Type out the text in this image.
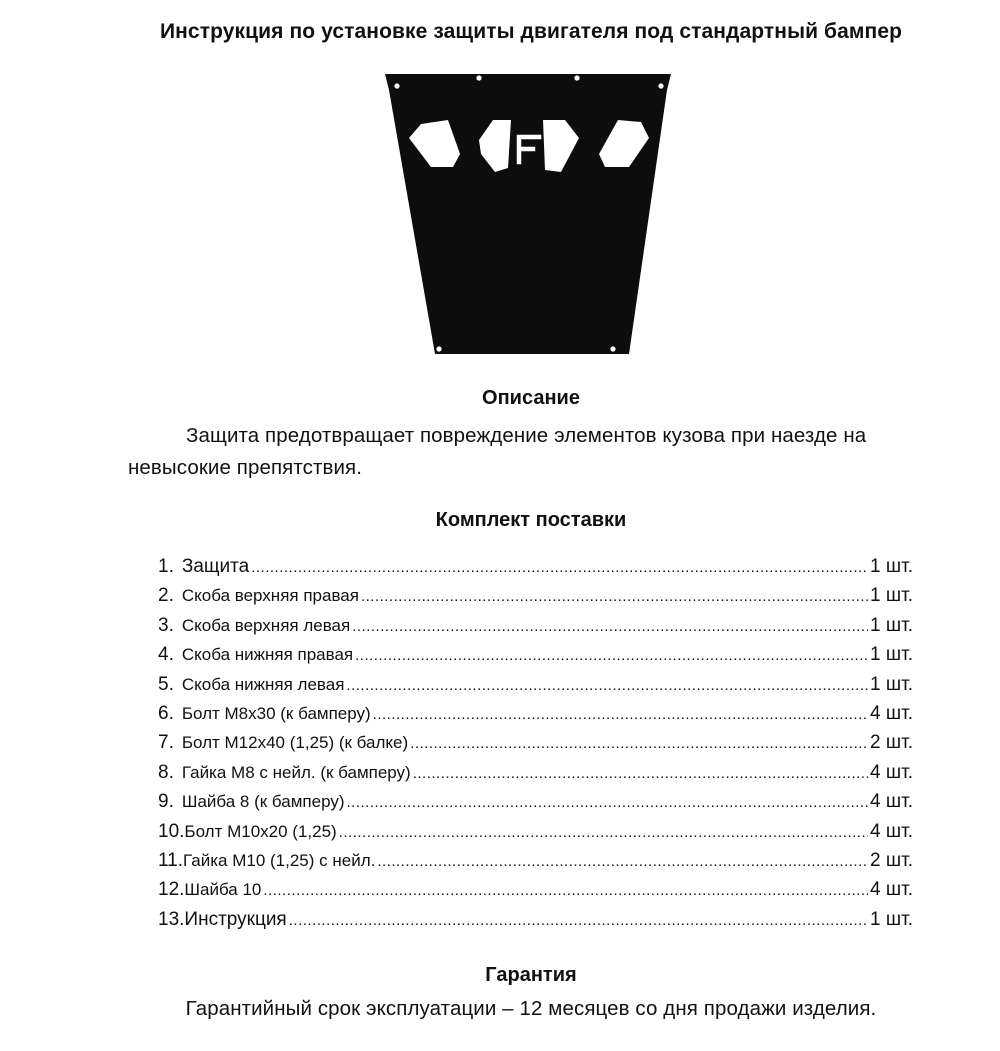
Инструкция по установке защиты двигателя под стандартный бампер
Описание
Защита предотвращает повреждение элементов кузова при наезде на невысокие препятствия.
Комплект поставки
1. Защита .....	1 шт.
2. Скоба верхняя правая .....	1 шт.
3. Скоба верхняя левая .....	1 шт.
4. Скоба нижняя правая .....	1 шт.
5. Скоба нижняя левая .....	1 шт.
6. Болт М8х30 (к бамперу) .....	4 шт.
7. Болт М12х40 (1,25) (к балке) .....	2 шт.
8. Гайка М8 с нейл. (к бамперу) .....	4 шт.
9. Шайба 8 (к бамперу) .....	4 шт.
10. Болт М10х20 (1,25) .....	4 шт.
11. Гайка М10 (1,25) с нейл. .....	2 шт.
12. Шайба 10 .....	4 шт.
13. Инструкция .....	1 шт.
Гарантия
Гарантийный срок эксплуатации – 12 месяцев со дня продажи изделия.
